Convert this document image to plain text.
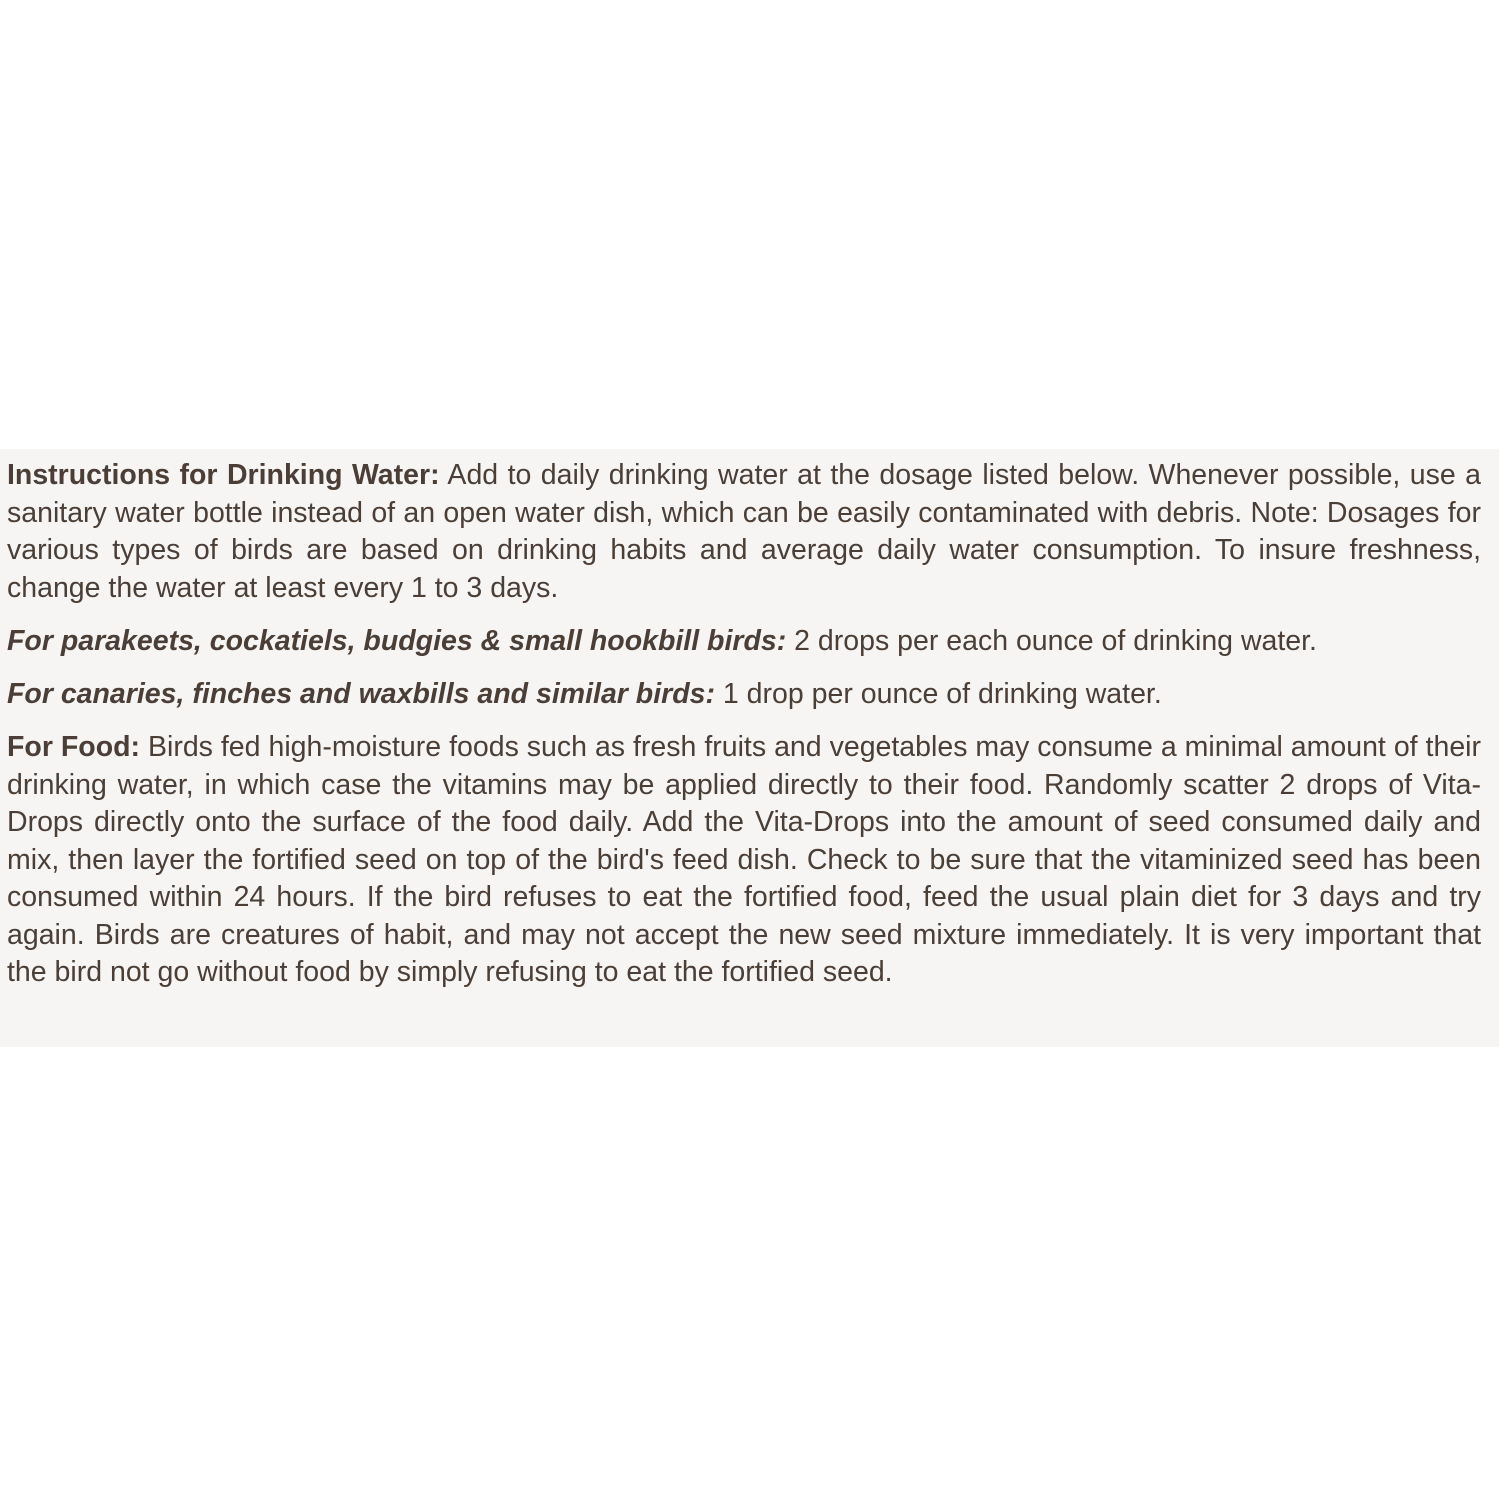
Instructions for Drinking Water: Add to daily drinking water at the dosage listed below. Whenever possible, use a sanitary water bottle instead of an open water dish, which can be easily contaminated with debris. Note: Dosages for various types of birds are based on drinking habits and average daily water consumption. To insure freshness, change the water at least every 1 to 3 days.

For parakeets, cockatiels, budgies & small hookbill birds: 2 drops per each ounce of drinking water.

For canaries, finches and waxbills and similar birds: 1 drop per ounce of drinking water.

For Food: Birds fed high-moisture foods such as fresh fruits and vegetables may consume a minimal amount of their drinking water, in which case the vitamins may be applied directly to their food. Randomly scatter 2 drops of Vita-Drops directly onto the surface of the food daily. Add the Vita-Drops into the amount of seed consumed daily and mix, then layer the fortified seed on top of the bird's feed dish. Check to be sure that the vitaminized seed has been consumed within 24 hours. If the bird refuses to eat the fortified food, feed the usual plain diet for 3 days and try again. Birds are creatures of habit, and may not accept the new seed mixture immediately. It is very important that the bird not go without food by simply refusing to eat the fortified seed.
